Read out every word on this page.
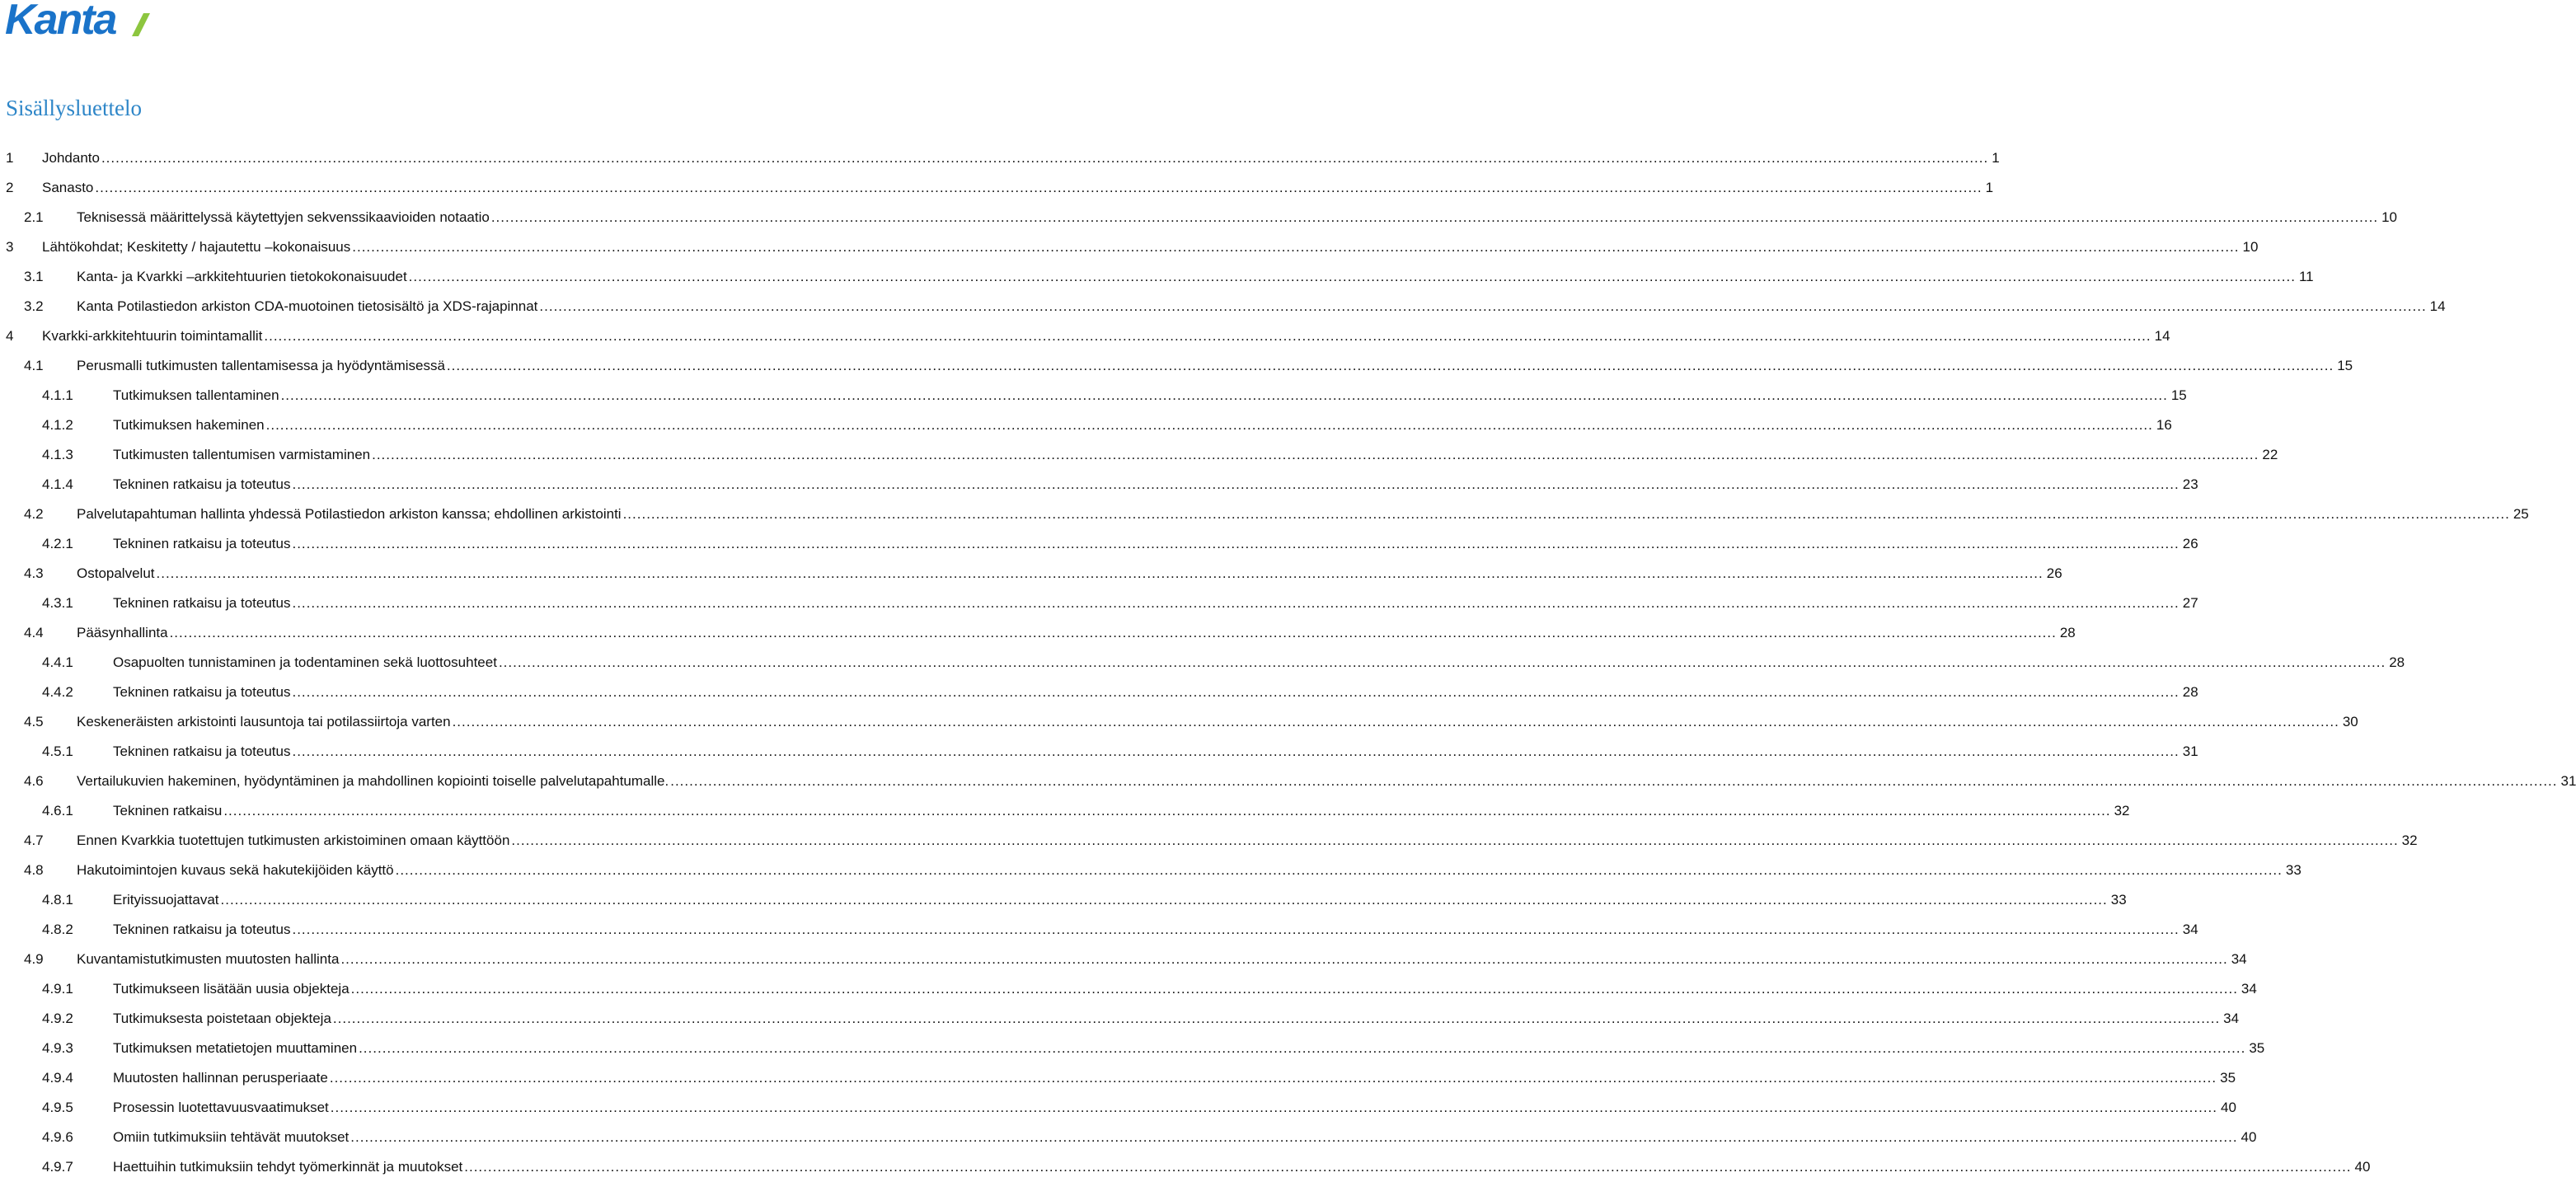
Kanta
Sisällysluettelo
1 Johdanto ................................................................................................................................................................................................................................................................................................................................................................................................................ 1
2 Sanasto ................................................................................................................................................................................................................................................................................................................................................................................................................ 1
2.1 Teknisessä määrittelyssä käytettyjen sekvenssikaavioiden notaatio ................................................................................................................................................................................................................................................................................................................................................................................................................ 10
3 Lähtökohdat; Keskitetty / hajautettu –kokonaisuus ................................................................................................................................................................................................................................................................................................................................................................................................................ 10
3.1 Kanta- ja Kvarkki –arkkitehtuurien tietokokonaisuudet ................................................................................................................................................................................................................................................................................................................................................................................................................ 11
3.2 Kanta Potilastiedon arkiston CDA-muotoinen tietosisältö ja XDS-rajapinnat ................................................................................................................................................................................................................................................................................................................................................................................................................ 14
4 Kvarkki-arkkitehtuurin toimintamallit ................................................................................................................................................................................................................................................................................................................................................................................................................ 14
4.1 Perusmalli tutkimusten tallentamisessa ja hyödyntämisessä ................................................................................................................................................................................................................................................................................................................................................................................................................ 15
4.1.1	Tutkimuksen tallentaminen ................................................................................................................................................................................................................................................................................................................................................................................................................ 15
4.1.2	Tutkimuksen hakeminen ................................................................................................................................................................................................................................................................................................................................................................................................................ 16
4.1.3	Tutkimusten tallentumisen varmistaminen ................................................................................................................................................................................................................................................................................................................................................................................................................ 22
4.1.4	Tekninen ratkaisu ja toteutus ................................................................................................................................................................................................................................................................................................................................................................................................................ 23
4.2 Palvelutapahtuman hallinta yhdessä Potilastiedon arkiston kanssa; ehdollinen arkistointi ................................................................................................................................................................................................................................................................................................................................................................................................................ 25
4.2.1	Tekninen ratkaisu ja toteutus ................................................................................................................................................................................................................................................................................................................................................................................................................ 26
4.3 Ostopalvelut ................................................................................................................................................................................................................................................................................................................................................................................................................ 26
4.3.1	Tekninen ratkaisu ja toteutus ................................................................................................................................................................................................................................................................................................................................................................................................................ 27
4.4 Pääsynhallinta ................................................................................................................................................................................................................................................................................................................................................................................................................ 28
4.4.1	Osapuolten tunnistaminen ja todentaminen sekä luottosuhteet ................................................................................................................................................................................................................................................................................................................................................................................................................ 28
4.4.2	Tekninen ratkaisu ja toteutus ................................................................................................................................................................................................................................................................................................................................................................................................................ 28
4.5 Keskeneräisten arkistointi lausuntoja tai potilassiirtoja varten ................................................................................................................................................................................................................................................................................................................................................................................................................ 30
4.5.1	Tekninen ratkaisu ja toteutus ................................................................................................................................................................................................................................................................................................................................................................................................................ 31
4.6 Vertailukuvien hakeminen, hyödyntäminen ja mahdollinen kopiointi toiselle palvelutapahtumalle. ................................................................................................................................................................................................................................................................................................................................................................................................................ 31
4.6.1	Tekninen ratkaisu ................................................................................................................................................................................................................................................................................................................................................................................................................ 32
4.7 Ennen Kvarkkia tuotettujen tutkimusten arkistoiminen omaan käyttöön ................................................................................................................................................................................................................................................................................................................................................................................................................ 32
4.8 Hakutoimintojen kuvaus sekä hakutekijöiden käyttö ................................................................................................................................................................................................................................................................................................................................................................................................................ 33
4.8.1	Erityissuojattavat ................................................................................................................................................................................................................................................................................................................................................................................................................ 33
4.8.2	Tekninen ratkaisu ja toteutus ................................................................................................................................................................................................................................................................................................................................................................................................................ 34
4.9 Kuvantamistutkimusten muutosten hallinta ................................................................................................................................................................................................................................................................................................................................................................................................................ 34
4.9.1	Tutkimukseen lisätään uusia objekteja ................................................................................................................................................................................................................................................................................................................................................................................................................ 34
4.9.2	Tutkimuksesta poistetaan objekteja ................................................................................................................................................................................................................................................................................................................................................................................................................ 34
4.9.3	Tutkimuksen metatietojen muuttaminen ................................................................................................................................................................................................................................................................................................................................................................................................................ 35
4.9.4	Muutosten hallinnan perusperiaate ................................................................................................................................................................................................................................................................................................................................................................................................................ 35
4.9.5	Prosessin luotettavuusvaatimukset ................................................................................................................................................................................................................................................................................................................................................................................................................ 40
4.9.6	Omiin tutkimuksiin tehtävät muutokset ................................................................................................................................................................................................................................................................................................................................................................................................................ 40
4.9.7	Haettuihin tutkimuksiin tehdyt työmerkinnät ja muutokset ................................................................................................................................................................................................................................................................................................................................................................................................................ 40
